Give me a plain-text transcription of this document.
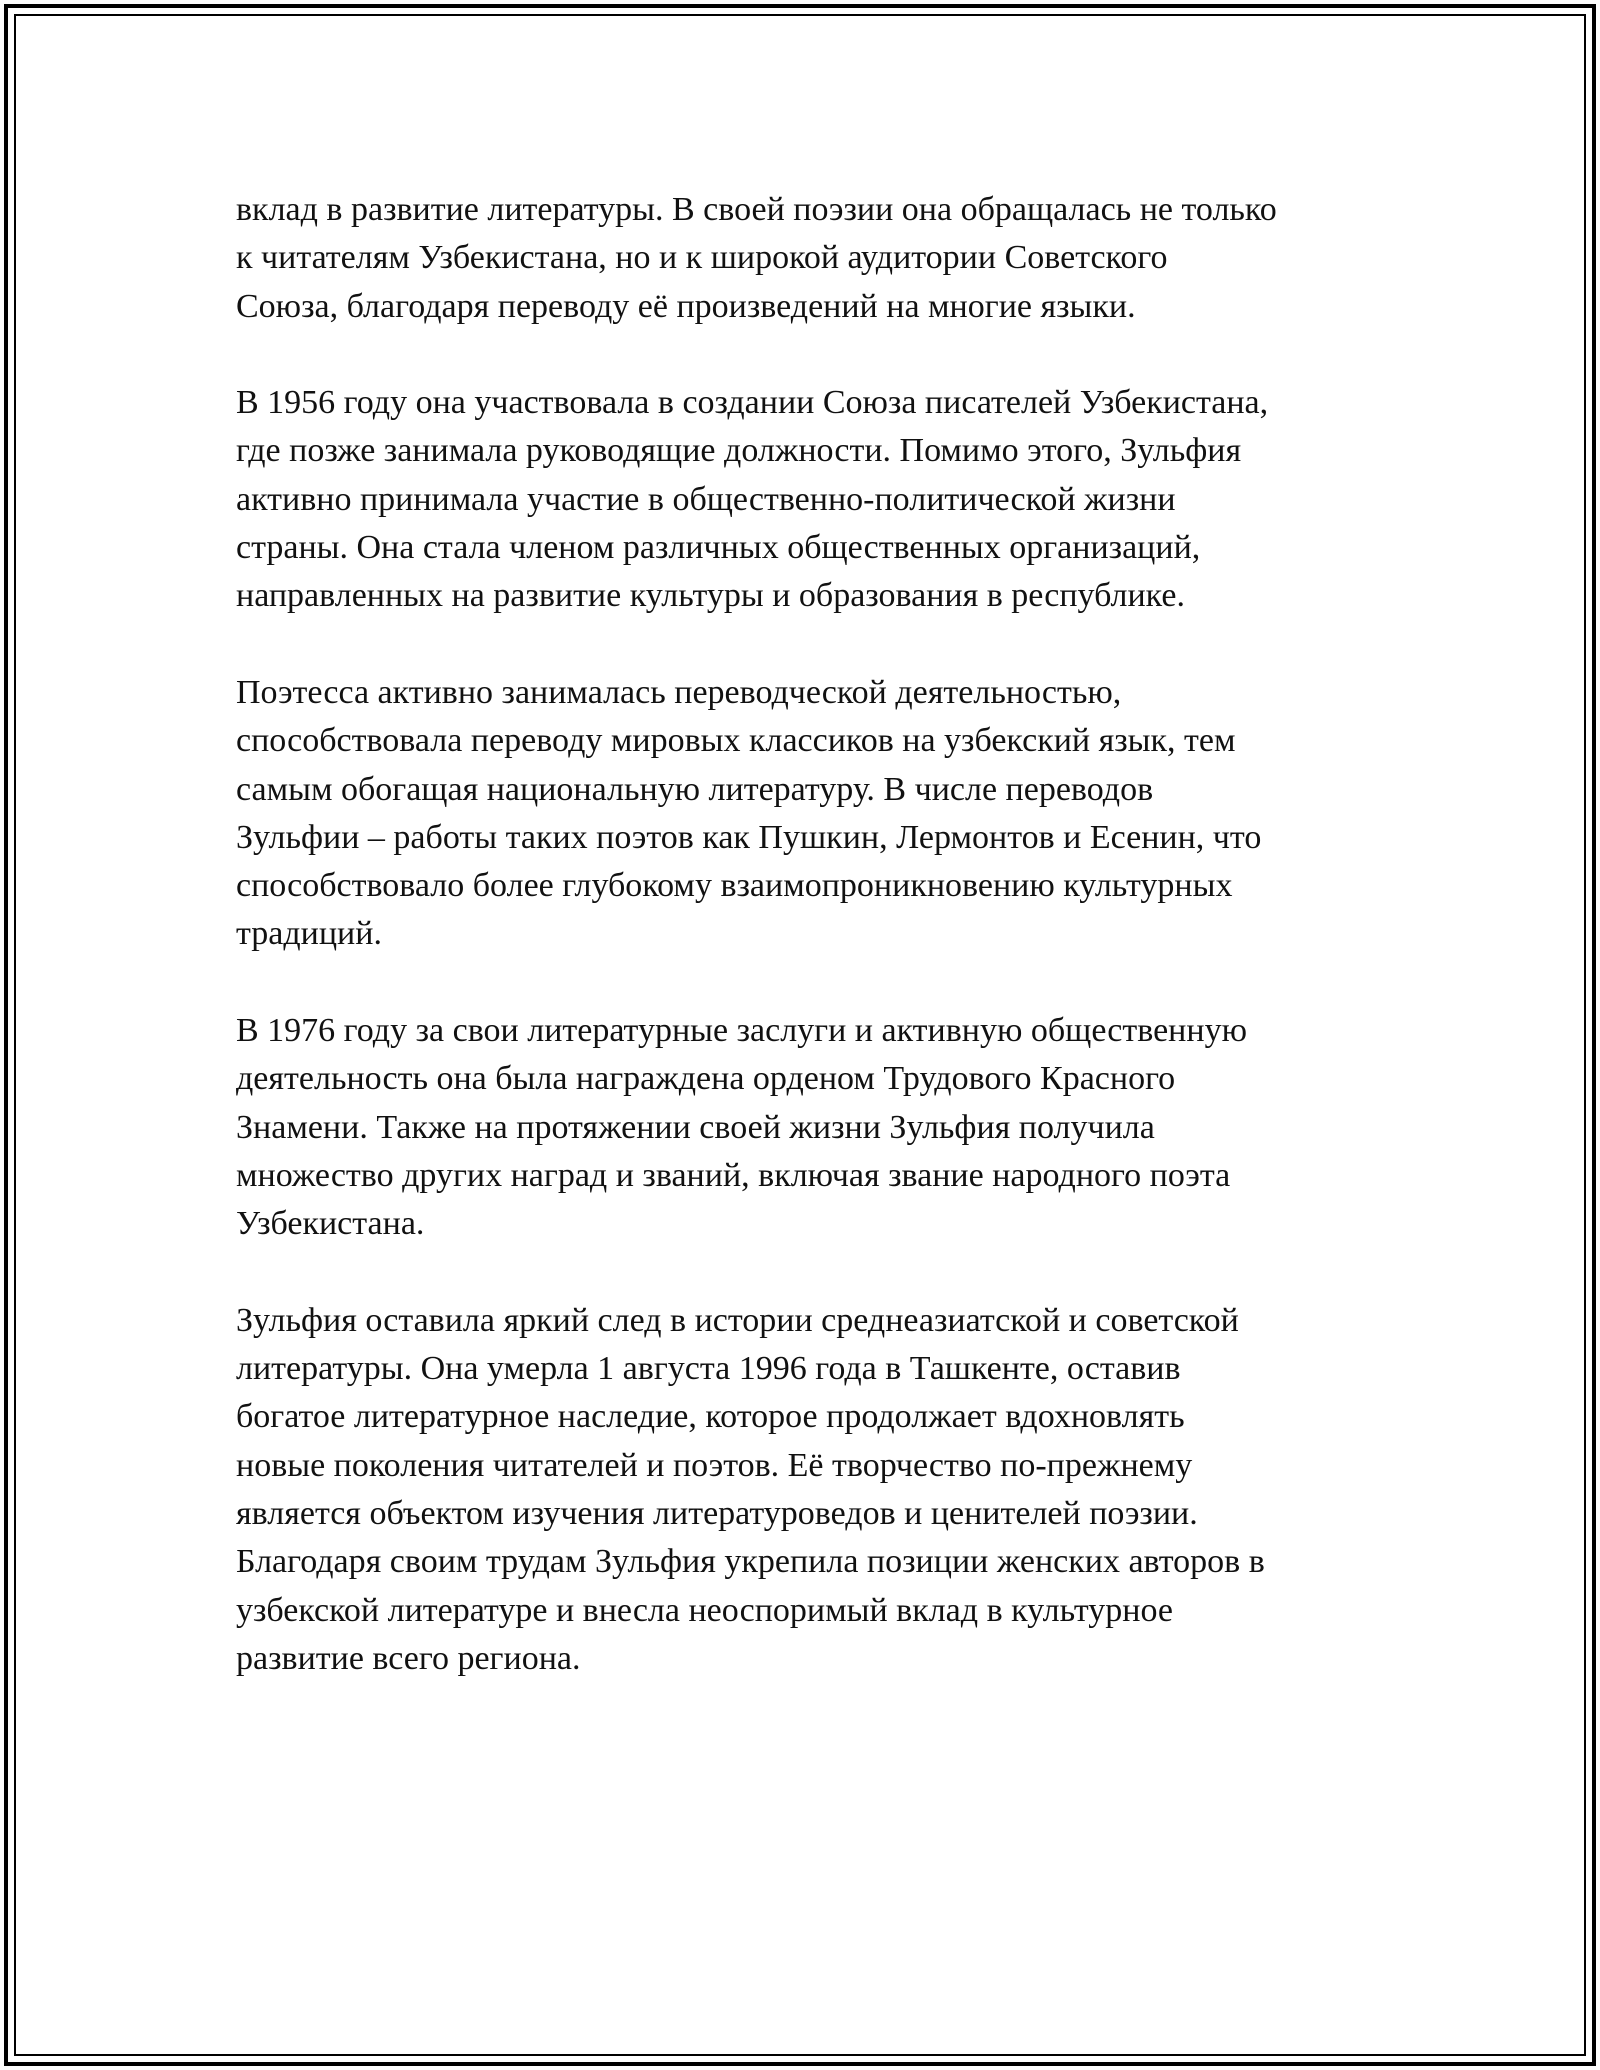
вклад в развитие литературы. В своей поэзии она обращалась не только
к читателям Узбекистана, но и к широкой аудитории Советского
Союза, благодаря переводу её произведений на многие языки.

В 1956 году она участвовала в создании Союза писателей Узбекистана,
где позже занимала руководящие должности. Помимо этого, Зульфия
активно принимала участие в общественно-политической жизни
страны. Она стала членом различных общественных организаций,
направленных на развитие культуры и образования в республике.

Поэтесса активно занималась переводческой деятельностью,
способствовала переводу мировых классиков на узбекский язык, тем
самым обогащая национальную литературу. В числе переводов
Зульфии – работы таких поэтов как Пушкин, Лермонтов и Есенин, что
способствовало более глубокому взаимопроникновению культурных
традиций.

В 1976 году за свои литературные заслуги и активную общественную
деятельность она была награждена орденом Трудового Красного
Знамени. Также на протяжении своей жизни Зульфия получила
множество других наград и званий, включая звание народного поэта
Узбекистана.

Зульфия оставила яркий след в истории среднеазиатской и советской
литературы. Она умерла 1 августа 1996 года в Ташкенте, оставив
богатое литературное наследие, которое продолжает вдохновлять
новые поколения читателей и поэтов. Её творчество по-прежнему
является объектом изучения литературоведов и ценителей поэзии.
Благодаря своим трудам Зульфия укрепила позиции женских авторов в
узбекской литературе и внесла неоспоримый вклад в культурное
развитие всего региона.
